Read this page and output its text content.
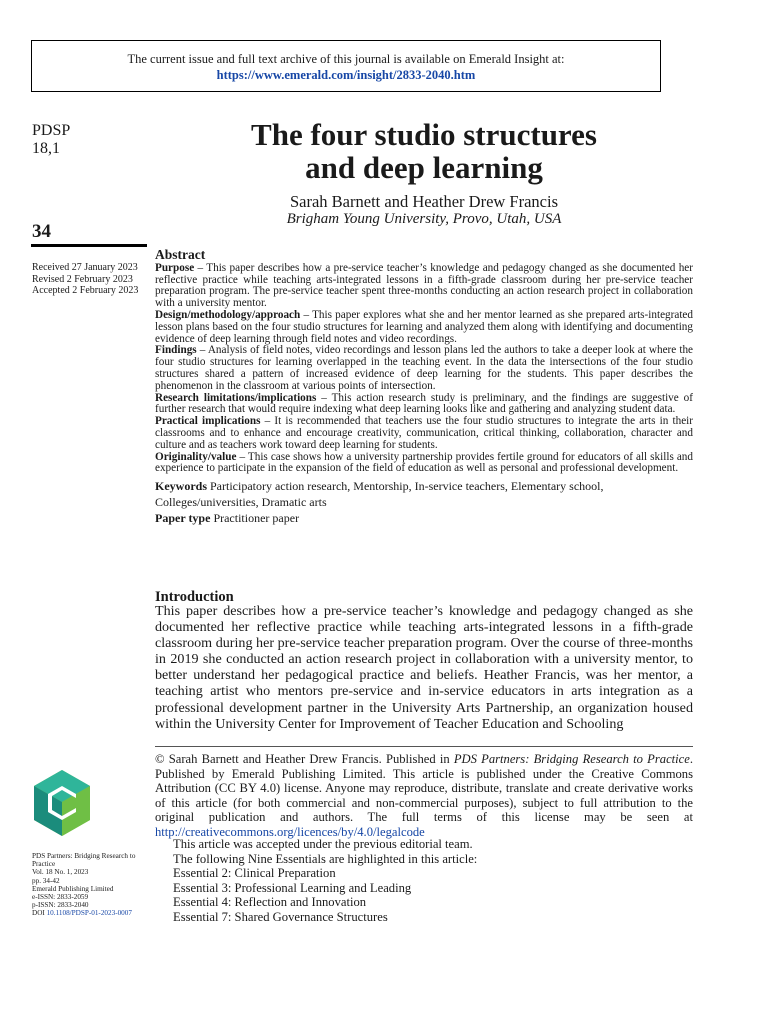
The current issue and full text archive of this journal is available on Emerald Insight at:
https://www.emerald.com/insight/2833-2040.htm
PDSP
18,1
34
Received 27 January 2023
Revised 2 February 2023
Accepted 2 February 2023
The four studio structures
and deep learning
Sarah Barnett and Heather Drew Francis
Brigham Young University, Provo, Utah, USA

Abstract

Purpose – This paper describes how a pre-service teacher’s knowledge and pedagogy changed as she documented her reflective practice while teaching arts-integrated lessons in a fifth-grade classroom during her pre-service teacher preparation program. The pre-service teacher spent three-months conducting an action research project in collaboration with a university mentor.

Design/methodology/approach – This paper explores what she and her mentor learned as she prepared arts-integrated lesson plans based on the four studio structures for learning and analyzed them along with identifying and documenting evidence of deep learning through field notes and video recordings.

Findings – Analysis of field notes, video recordings and lesson plans led the authors to take a deeper look at where the four studio structures for learning overlapped in the teaching event. In the data the intersections of the four studio structures shared a pattern of increased evidence of deep learning for the students. This paper describes the phenomenon in the classroom at various points of intersection.

Research limitations/implications – This action research study is preliminary, and the findings are suggestive of further research that would require indexing what deep learning looks like and gathering and analyzing student data.

Practical implications – It is recommended that teachers use the four studio structures to integrate the arts in their classrooms and to enhance and encourage creativity, communication, critical thinking, collaboration, character and culture and as teachers work toward deep learning for students.

Originality/value – This case shows how a university partnership provides fertile ground for educators of all skills and experience to participate in the expansion of the field of education as well as personal and professional development.

Keywords Participatory action research, Mentorship, In-service teachers, Elementary school, Colleges/universities, Dramatic arts

Paper type Practitioner paper

Introduction
This paper describes how a pre-service teacher’s knowledge and pedagogy changed as she documented her reflective practice while teaching arts-integrated lessons in a fifth-grade classroom during her pre-service teacher preparation program. Over the course of three-months in 2019 she conducted an action research project in collaboration with a university mentor, to better understand her pedagogical practice and beliefs. Heather Francis, was her mentor, a teaching artist who mentors pre-service and in-service educators in arts integration as a professional development partner in the University Arts Partnership, an organization housed within the University Center for Improvement of Teacher Education and Schooling
© Sarah Barnett and Heather Drew Francis. Published in PDS Partners: Bridging Research to Practice. Published by Emerald Publishing Limited. This article is published under the Creative Commons Attribution (CC BY 4.0) license. Anyone may reproduce, distribute, translate and create derivative works of this article (for both commercial and non-commercial purposes), subject to full attribution to the original publication and authors. The full terms of this license may be seen at http://creativecommons.org/licences/by/4.0/legalcode
This article was accepted under the previous editorial team.
The following Nine Essentials are highlighted in this article:
Essential 2: Clinical Preparation
Essential 3: Professional Learning and Leading
Essential 4: Reflection and Innovation
Essential 7: Shared Governance Structures
PDS Partners: Bridging Research to Practice
Vol. 18 No. 1, 2023
pp. 34-42
Emerald Publishing Limited
e-ISSN: 2833-2059
p-ISSN: 2833-2040
DOI 10.1108/PDSP-01-2023-0007
